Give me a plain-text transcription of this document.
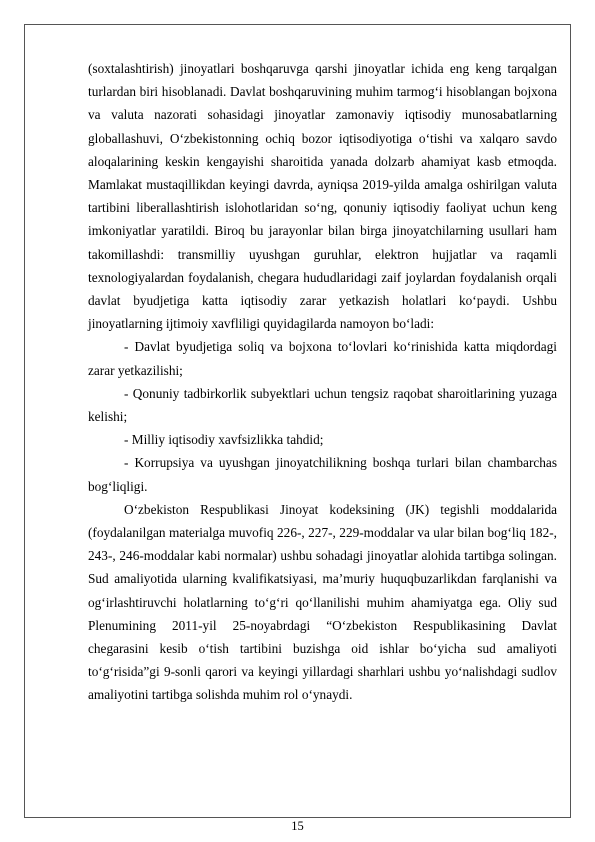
(soxtalashtirish) jinoyatlari boshqaruvga qarshi jinoyatlar ichida eng keng tarqalgan turlardan biri hisoblanadi. Davlat boshqaruvining muhim tarmog‘i hisoblangan bojxona va valuta nazorati sohasidagi jinoyatlar zamonaviy iqtisodiy munosabatlarning globallashuvi, O‘zbekistonning ochiq bozor iqtisodiyotiga o‘tishi va xalqaro savdo aloqalarining keskin kengayishi sharoitida yanada dolzarb ahamiyat kasb etmoqda. Mamlakat mustaqillikdan keyingi davrda, ayniqsa 2019-yilda amalga oshirilgan valuta tartibini liberallashtirish islohotlaridan so‘ng, qonuniy iqtisodiy faoliyat uchun keng imkoniyatlar yaratildi. Biroq bu jarayonlar bilan birga jinoyatchilarning usullari ham takomillashdi: transmilliy uyushgan guruhlar, elektron hujjatlar va raqamli texnologiyalardan foydalanish, chegara hududlaridagi zaif joylardan foydalanish orqali davlat byudjetiga katta iqtisodiy zarar yetkazish holatlari ko‘paydi. Ushbu jinoyatlarning ijtimoiy xavfliligi quyidagilarda namoyon bo‘ladi:

- Davlat byudjetiga soliq va bojxona to‘lovlari ko‘rinishida katta miqdordagi zarar yetkazilishi;

- Qonuniy tadbirkorlik subyektlari uchun tengsiz raqobat sharoitlarining yuzaga kelishi;

- Milliy iqtisodiy xavfsizlikka tahdid;

- Korrupsiya va uyushgan jinoyatchilikning boshqa turlari bilan chambarchas bog‘liqligi.

O‘zbekiston Respublikasi Jinoyat kodeksining (JK) tegishli moddalarida (foydalanilgan materialga muvofiq 226-, 227-, 229-moddalar va ular bilan bog‘liq 182-, 243-, 246-moddalar kabi normalar) ushbu sohadagi jinoyatlar alohida tartibga solingan. Sud amaliyotida ularning kvalifikatsiyasi, ma’muriy huquqbuzarlikdan farqlanishi va og‘irlashtiruvchi holatlarning to‘g‘ri qo‘llanilishi muhim ahamiyatga ega. Oliy sud Plenumining 2011-yil 25-noyabrdagi “O‘zbekiston Respublikasining Davlat chegarasini kesib o‘tish tartibini buzishga oid ishlar bo‘yicha sud amaliyoti to‘g‘risida”gi 9-sonli qarori va keyingi yillardagi sharhlari ushbu yo‘nalishdagi sudlov amaliyotini tartibga solishda muhim rol o‘ynaydi.

15
